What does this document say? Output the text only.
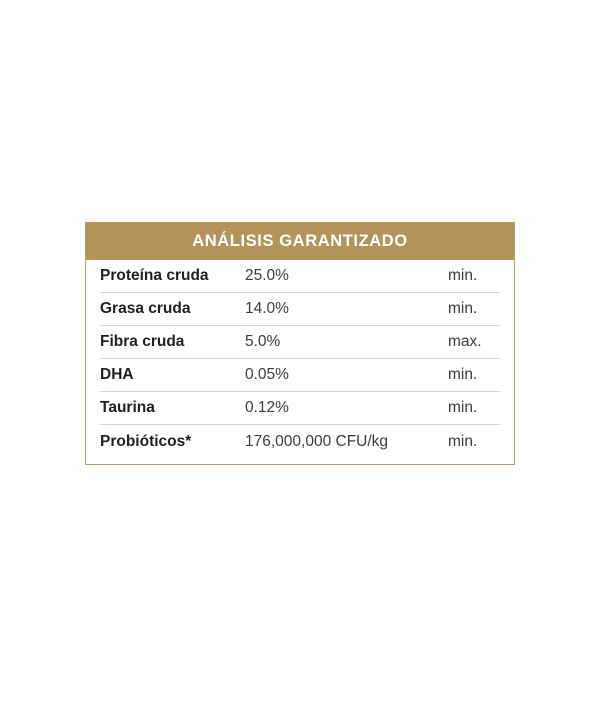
ANÁLISIS GARANTIZADO
Proteína cruda	25.0%	min.
Grasa cruda	14.0%	min.
Fibra cruda	5.0%	max.
DHA	0.05%	min.
Taurina	0.12%	min.
Probióticos*	176,000,000 CFU/kg	min.
